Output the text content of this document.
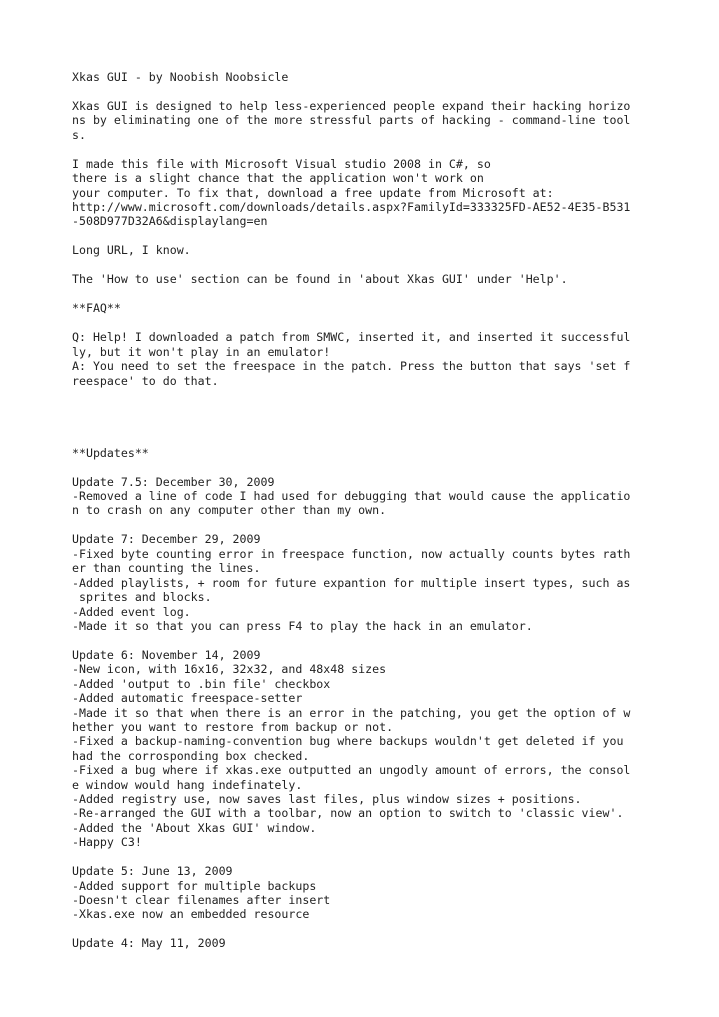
Xkas GUI - by Noobish Noobsicle
Xkas GUI is designed to help less-experienced people expand their hacking horizo
ns by eliminating one of the more stressful parts of hacking - command-line tool
s.
I made this file with Microsoft Visual studio 2008 in C#, so
there is a slight chance that the application won't work on
your computer. To fix that, download a free update from Microsoft at:
http://www.microsoft.com/downloads/details.aspx?FamilyId=333325FD-AE52-4E35-B531
-508D977D32A6&displaylang=en
Long URL, I know.
The 'How to use' section can be found in 'about Xkas GUI' under 'Help'.
**FAQ**
Q: Help! I downloaded a patch from SMWC, inserted it, and inserted it successful
ly, but it won't play in an emulator!
A: You need to set the freespace in the patch. Press the button that says 'set f
reespace' to do that.
**Updates**
Update 7.5: December 30, 2009
-Removed a line of code I had used for debugging that would cause the applicatio
n to crash on any computer other than my own.
Update 7: December 29, 2009
-Fixed byte counting error in freespace function, now actually counts bytes rath
er than counting the lines.
-Added playlists, + room for future expantion for multiple insert types, such as
sprites and blocks.
-Added event log.
-Made it so that you can press F4 to play the hack in an emulator.
Update 6: November 14, 2009
-New icon, with 16x16, 32x32, and 48x48 sizes
-Added 'output to .bin file' checkbox
-Added automatic freespace-setter
-Made it so that when there is an error in the patching, you get the option of w
hether you want to restore from backup or not.
-Fixed a backup-naming-convention bug where backups wouldn't get deleted if you
had the corrosponding box checked.
-Fixed a bug where if xkas.exe outputted an ungodly amount of errors, the consol
e window would hang indefinately.
-Added registry use, now saves last files, plus window sizes + positions.
-Re-arranged the GUI with a toolbar, now an option to switch to 'classic view'.
-Added the 'About Xkas GUI' window.
-Happy C3!
Update 5: June 13, 2009
-Added support for multiple backups
-Doesn't clear filenames after insert
-Xkas.exe now an embedded resource
Update 4: May 11, 2009
